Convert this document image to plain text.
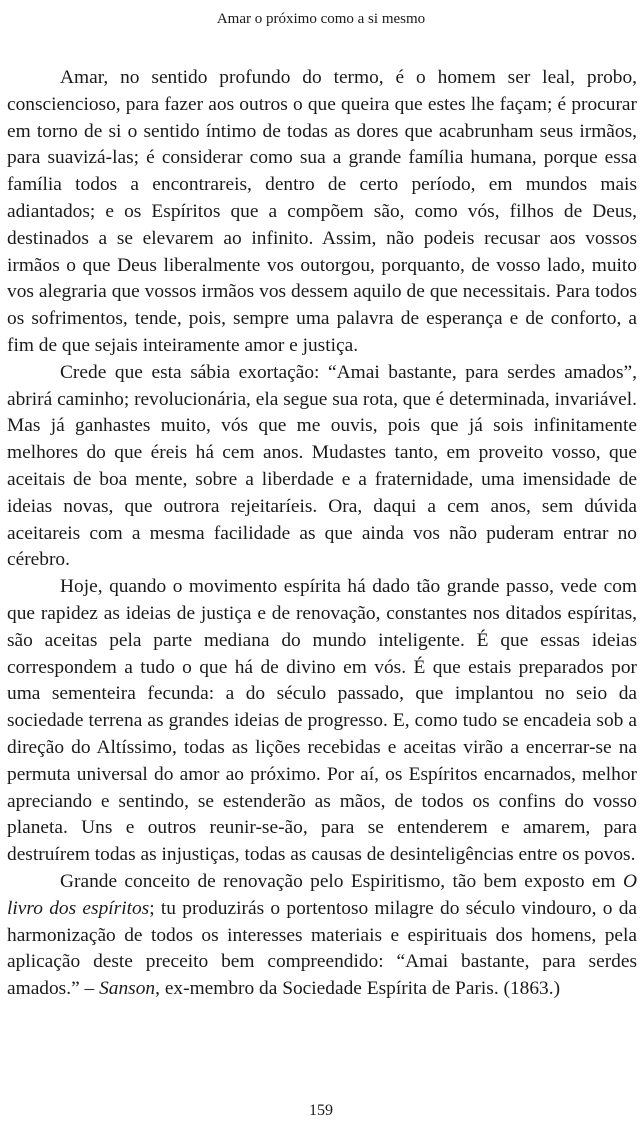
Amar o próximo como a si mesmo

Amar, no sentido profundo do termo, é o homem ser leal, probo, consciencioso, para fazer aos outros o que queira que estes lhe façam; é procurar em torno de si o sentido íntimo de todas as dores que acabrunham seus irmãos, para suavizá-las; é considerar como sua a grande família humana, porque essa família todos a encontrareis, dentro de certo período, em mundos mais adiantados; e os Espíritos que a compõem são, como vós, filhos de Deus, destinados a se elevarem ao infinito. Assim, não podeis recusar aos vossos irmãos o que Deus liberalmente vos outorgou, porquanto, de vosso lado, muito vos alegraria que vossos irmãos vos dessem aquilo de que necessitais. Para todos os sofrimentos, tende, pois, sempre uma palavra de esperança e de conforto, a fim de que sejais inteiramente amor e justiça.

Crede que esta sábia exortação: “Amai bastante, para serdes amados”, abrirá caminho; revolucionária, ela segue sua rota, que é determinada, invariável. Mas já ganhastes muito, vós que me ouvis, pois que já sois infinitamente melhores do que éreis há cem anos. Mudastes tanto, em proveito vosso, que aceitais de boa mente, sobre a liberdade e a fraternidade, uma imensidade de ideias novas, que outrora rejeitaríeis. Ora, daqui a cem anos, sem dúvida aceitareis com a mesma facilidade as que ainda vos não puderam entrar no cérebro.

Hoje, quando o movimento espírita há dado tão grande passo, vede com que rapidez as ideias de justiça e de renovação, constantes nos ditados espíritas, são aceitas pela parte mediana do mundo inteligente. É que essas ideias correspondem a tudo o que há de divino em vós. É que estais preparados por uma sementeira fecunda: a do século passado, que implantou no seio da sociedade terrena as grandes ideias de progresso. E, como tudo se encadeia sob a direção do Altíssimo, todas as lições recebidas e aceitas virão a encerrar-se na permuta universal do amor ao próximo. Por aí, os Espíritos encarnados, melhor apreciando e sentindo, se estenderão as mãos, de todos os confins do vosso planeta. Uns e outros reunir-se-ão, para se entenderem e amarem, para destruírem todas as injustiças, todas as causas de desinteligências entre os povos.

Grande conceito de renovação pelo Espiritismo, tão bem exposto em O livro dos espíritos; tu produzirás o portentoso milagre do século vindouro, o da harmonização de todos os interesses materiais e espirituais dos homens, pela aplicação deste preceito bem compreendido: “Amai bastante, para serdes amados.” – Sanson, ex-membro da Sociedade Espírita de Paris. (1863.)

159
